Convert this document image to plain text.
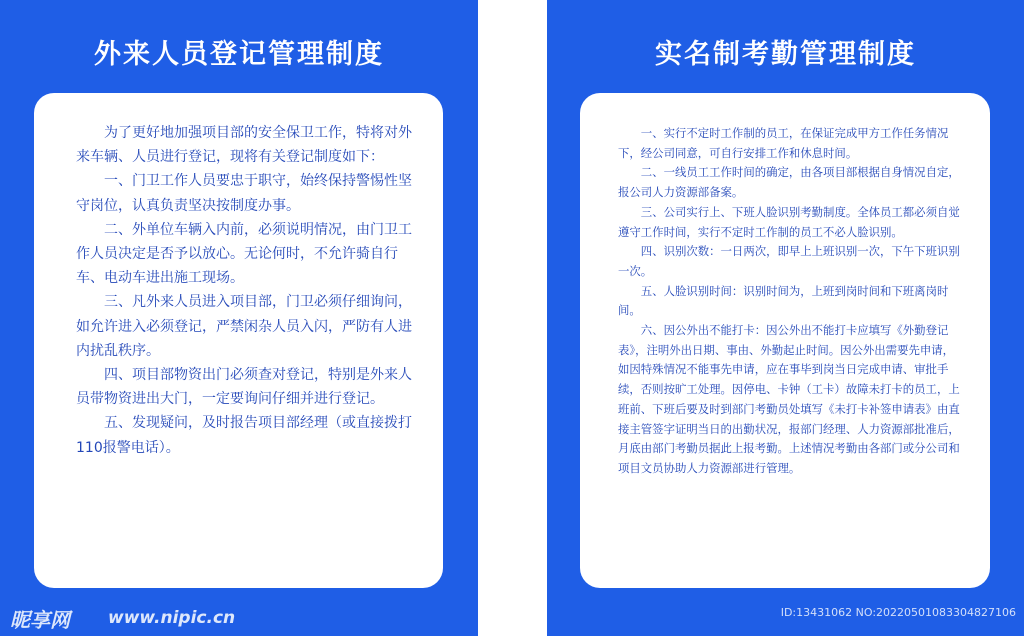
外来人员登记管理制度

为了更好地加强项目部的安全保卫工作，特将对外来车辆、人员进行登记，现将有关登记制度如下：

一、门卫工作人员要忠于职守，始终保持警惕性坚守岗位，认真负责坚决按制度办事。

二、外单位车辆入内前，必须说明情况，由门卫工作人员决定是否予以放心。无论何时，不允许骑自行车、电动车进出施工现场。

三、凡外来人员进入项目部，门卫必须仔细询问，如允许进入必须登记，严禁闲杂人员入闪，严防有人进内扰乱秩序。

四、项目部物资出门必须查对登记，特别是外来人员带物资进出大门，一定要询问仔细并进行登记。

五、发现疑问，及时报告项目部经理（或直接拨打110报警电话）。

昵享网 www.nipic.cn
实名制考勤管理制度

一、实行不定时工作制的员工，在保证完成甲方工作任务情况下，经公司同意，可自行安排工作和休息时间。

二、一线员工工作时间的确定，由各项目部根据自身情况自定，报公司人力资源部备案。

三、公司实行上、下班人脸识别考勤制度。全体员工都必须自觉遵守工作时间，实行不定时工作制的员工不必人脸识别。

四、识别次数：一日两次，即早上上班识别一次，下午下班识别一次。

五、人脸识别时间：识别时间为，上班到岗时间和下班离岗时间。

六、因公外出不能打卡：因公外出不能打卡应填写《外勤登记表》，注明外出日期、事由、外勤起止时间。因公外出需要先申请，如因特殊情况不能事先申请，应在事毕到岗当日完成申请、审批手续，否则按旷工处理。因停电、卡钟（工卡）故障未打卡的员工，上班前、下班后要及时到部门考勤员处填写《未打卡补签申请表》由直接主管签字证明当日的出勤状况，报部门经理、人力资源部批准后，月底由部门考勤员据此上报考勤。上述情况考勤由各部门或分公司和项目文员协助人力资源部进行管理。

ID:13431062 NO:20220501083304827106
